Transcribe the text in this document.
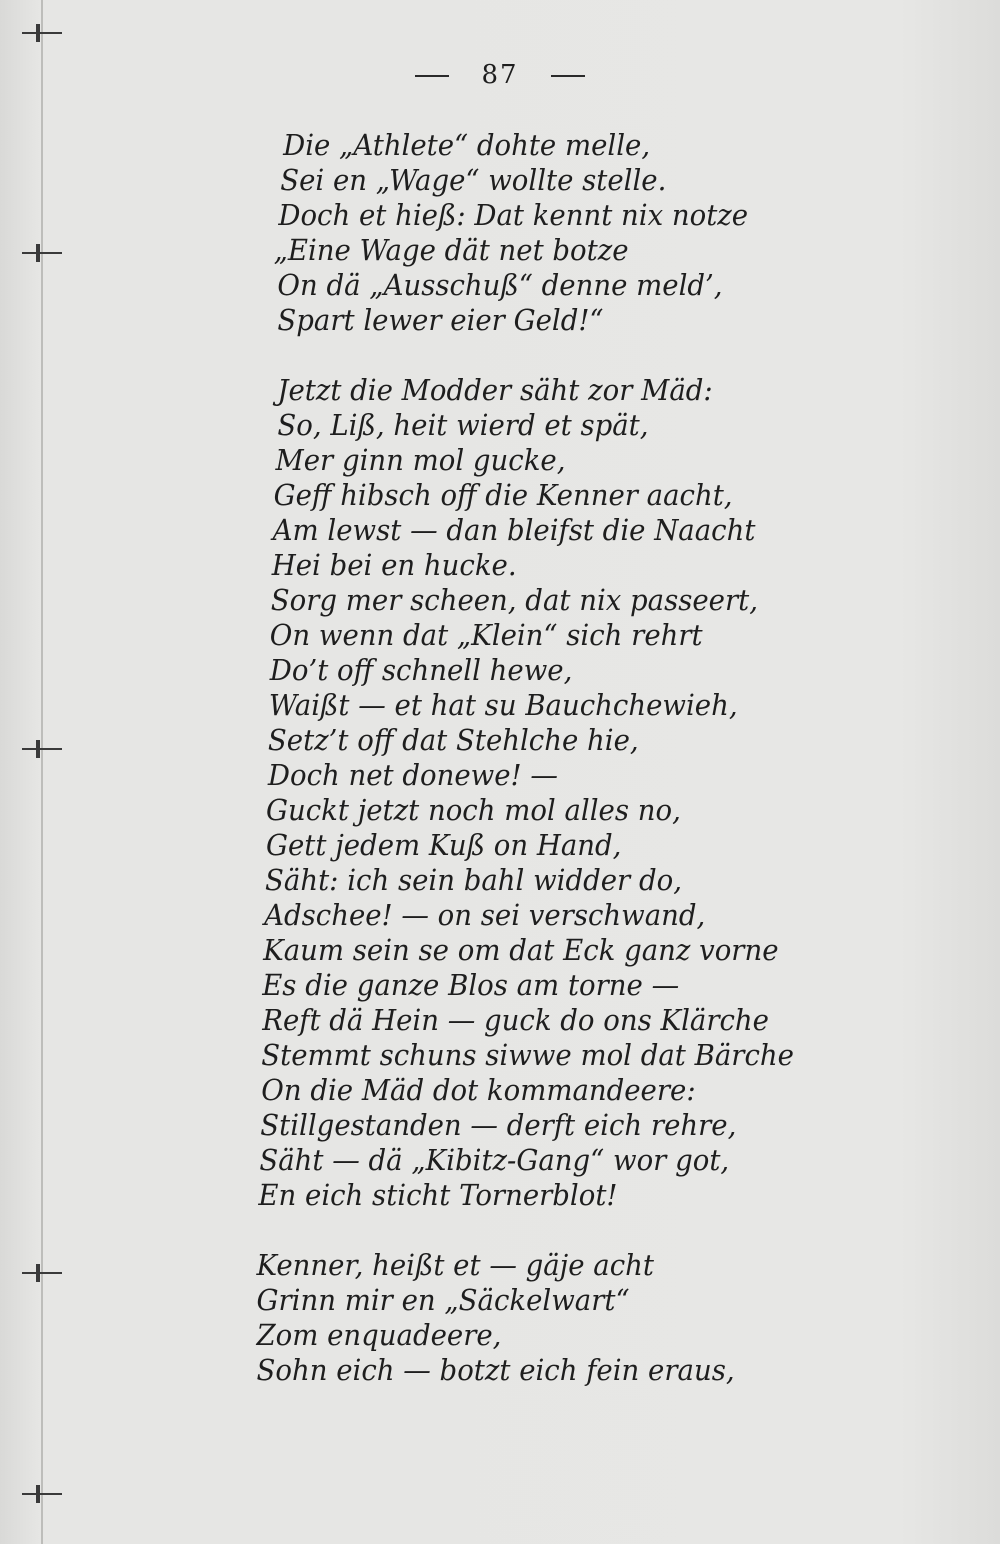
87
Die „Athlete“ dohte melle,
Sei en „Wage“ wollte stelle.
Doch et hieß: Dat kennt nix notze
„Eine Wage dät net botze
On dä „Ausschuß“ denne meld’,
Spart lewer eier Geld!“
Jetzt die Modder säht zor Mäd:
So, Liß, heit wierd et spät,
Mer ginn mol gucke,
Geff hibsch off die Kenner aacht,
Am lewst — dan bleifst die Naacht
Hei bei en hucke.
Sorg mer scheen, dat nix passeert,
On wenn dat „Klein“ sich rehrt
Do’t off schnell hewe,
Waißt — et hat su Bauchchewieh,
Setz’t off dat Stehlche hie,
Doch net donewe! —
Guckt jetzt noch mol alles no,
Gett jedem Kuß on Hand,
Säht: ich sein bahl widder do,
Adschee! — on sei verschwand,
Kaum sein se om dat Eck ganz vorne
Es die ganze Blos am torne —
Reft dä Hein — guck do ons Klärche
Stemmt schuns siwwe mol dat Bärche
On die Mäd dot kommandeere:
Stillgestanden — derft eich rehre,
Säht — dä „Kibitz-Gang“ wor got,
En eich sticht Tornerblot!
Kenner, heißt et — gäje acht
Grinn mir en „Säckelwart“
Zom enquadeere,
Sohn eich — botzt eich fein eraus,
